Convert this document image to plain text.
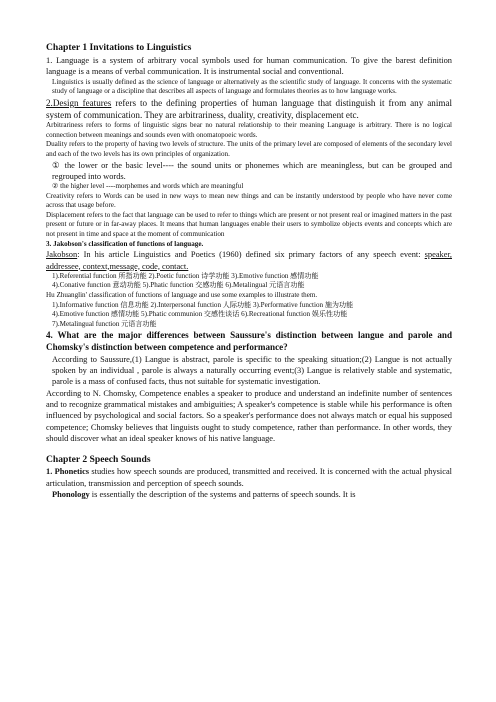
Chapter 1 Invitations to Linguistics

1. Language is a system of arbitrary vocal symbols used for human communication. To give the barest definition language is a means of verbal communication. It is instrumental social and conventional.

Linguistics is usually defined as the science of language or alternatively as the scientific study of language. It concerns with the systematic study of language or a discipline that describes all aspects of language and formulates theories as to how language works.

2.Design features refers to the defining properties of human language that distinguish it from any animal system of communication. They are arbitrariness, duality, creativity, displacement etc.

Arbitrariness refers to forms of linguistic signs bear no natural relationship to their meaning Language is arbitrary. There is no logical connection between meanings and sounds even with onomatopoeic words.

Duality refers to the property of having two levels of structure. The units of the primary level are composed of elements of the secondary level and each of the two levels has its own principles of organization.

① the lower or the basic level---- the sound units or phonemes which are meaningless, but can be grouped and regrouped into words.

② the higher level ----morphemes and words which are meaningful

Creativity refers to Words can be used in new ways to mean new things and can be instantly understood by people who have never come across that usage before.

Displacement refers to the fact that language can be used to refer to things which are present or not present real or imagined matters in the past present or future or in far-away places. It means that human languages enable their users to symbolize objects events and concepts which are not present in time and space at the moment of communication

3. Jakobson's classification of functions of language.

Jakobson: In his article Linguistics and Poetics (1960) defined six primary factors of any speech event: speaker, addressee, context,message, code, contact.

1).Referential function 所指功能 2).Poetic function 诗学功能 3).Emotive function 感情功能

4).Conative function 意动功能 5).Phatic function 交感功能 6).Metalingual 元语言功能

Hu Zhuanglin' classification of functions of language and use some examples to illustrate them.

1).Informative function 信息功能 2).Interpersonal function 人际功能 3).Performative function 施为功能

4).Emotive function 感情功能 5).Phatic communion 交感性谈话 6).Recreational function 娱乐性功能

7).Metalingual function 元语言功能

4. What are the major differences between Saussure's distinction between langue and parole and Chomsky's distinction between competence and performance?

According to Saussure,(1) Langue is abstract, parole is specific to the speaking situation;(2) Langue is not actually spoken by an individual , parole is always a naturally occurring event;(3) Langue is relatively stable and systematic, parole is a mass of confused facts, thus not suitable for systematic investigation.

According to N. Chomsky, Competence enables a speaker to produce and understand an indefinite number of sentences and to recognize grammatical mistakes and ambiguities; A speaker's competence is stable while his performance is often influenced by psychological and social factors. So a speaker's performance does not always match or equal his supposed competence; Chomsky believes that linguists ought to study competence, rather than performance. In other words, they should discover what an ideal speaker knows of his native language.

Chapter 2 Speech Sounds

1. Phonetics studies how speech sounds are produced, transmitted and received. It is concerned with the actual physical articulation, transmission and perception of speech sounds.

Phonology is essentially the description of the systems and patterns of speech sounds. It is
